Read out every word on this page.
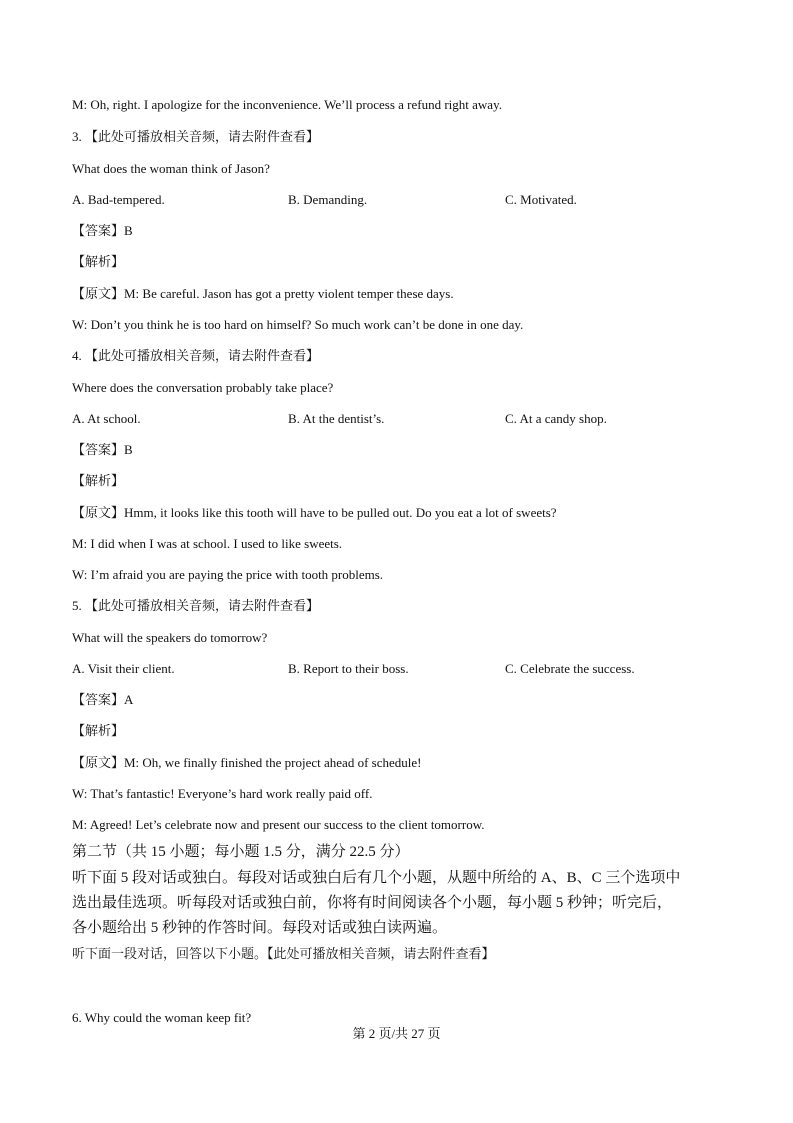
M: Oh, right. I apologize for the inconvenience. We’ll process a refund right away.
3. 【此处可播放相关音频，请去附件查看】
What does the woman think of Jason?
A. Bad-tempered.	B. Demanding.	C. Motivated.
【答案】B
【解析】
【原文】M: Be careful. Jason has got a pretty violent temper these days.
W: Don’t you think he is too hard on himself? So much work can’t be done in one day.
4. 【此处可播放相关音频，请去附件查看】
Where does the conversation probably take place?
A. At school.	B. At the dentist’s.	C. At a candy shop.
【答案】B
【解析】
【原文】Hmm, it looks like this tooth will have to be pulled out. Do you eat a lot of sweets?
M: I did when I was at school. I used to like sweets.
W: I’m afraid you are paying the price with tooth problems.
5. 【此处可播放相关音频，请去附件查看】
What will the speakers do tomorrow?
A. Visit their client.	B. Report to their boss.	C. Celebrate the success.
【答案】A
【解析】
【原文】M: Oh, we finally finished the project ahead of schedule!
W: That’s fantastic! Everyone’s hard work really paid off.
M: Agreed! Let’s celebrate now and present our success to the client tomorrow.
第二节（共 15 小题；每小题 1.5 分，满分 22.5 分）
听下面 5 段对话或独白。每段对话或独白后有几个小题，从题中所给的 A、B、C 三个选项中
选出最佳选项。听每段对话或独白前，你将有时间阅读各个小题，每小题 5 秒钟；听完后，
各小题给出 5 秒钟的作答时间。每段对话或独白读两遍。
听下面一段对话，回答以下小题。【此处可播放相关音频，请去附件查看】
6. Why could the woman keep fit?
第 2 页/共 27 页
